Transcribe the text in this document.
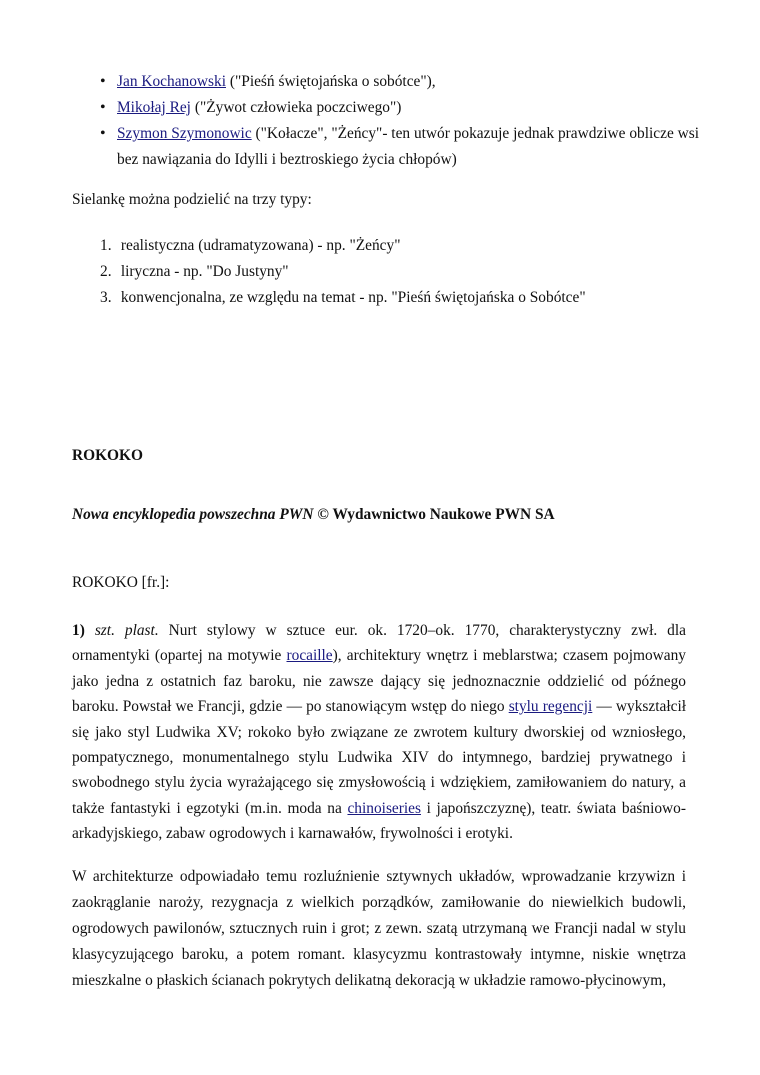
• Jan Kochanowski ("Pieśń świętojańska o sobótce"),
• Mikołaj Rej ("Żywot człowieka poczciwego")
• Szymon Szymonowic ("Kołacze", "Żeńcy"- ten utwór pokazuje jednak prawdziwe oblicze wsi bez nawiązania do Idylli i beztroskiego życia chłopów)

Sielankę można podzielić na trzy typy:

1. realistyczna (udramatyzowana) - np. "Żeńcy"
2. liryczna - np. "Do Justyny"
3. konwencjonalna, ze względu na temat - np. "Pieśń świętojańska o Sobótce"

ROKOKO

Nowa encyklopedia powszechna PWN © Wydawnictwo Naukowe PWN SA

ROKOKO [fr.]:

1) szt. plast. Nurt stylowy w sztuce eur. ok. 1720–ok. 1770, charakterystyczny zwł. dla ornamentyki (opartej na motywie rocaille), architektury wnętrz i meblarstwa; czasem pojmowany jako jedna z ostatnich faz baroku, nie zawsze dający się jednoznacznie oddzielić od późnego baroku. Powstał we Francji, gdzie — po stanowiącym wstęp do niego stylu regencji — wykształcił się jako styl Ludwika XV; rokoko było związane ze zwrotem kultury dworskiej od wzniosłego, pompatycznego, monumentalnego stylu Ludwika XIV do intymnego, bardziej prywatnego i swobodnego stylu życia wyrażającego się zmysłowością i wdziękiem, zamiłowaniem do natury, a także fantastyki i egzotyki (m.in. moda na chinoiseries i japońszczyznę), teatr. świata baśniowo-arkadyjskiego, zabaw ogrodowych i karnawałów, frywolności i erotyki.

W architekturze odpowiadało temu rozluźnienie sztywnych układów, wprowadzanie krzywizn i zaokrąglanie naroży, rezygnacja z wielkich porządków, zamiłowanie do niewielkich budowli, ogrodowych pawilonów, sztucznych ruin i grot; z zewn. szatą utrzymaną we Francji nadal w stylu klasycyzującego baroku, a potem romant. klasycyzmu kontrastowały intymne, niskie wnętrza mieszkalne o płaskich ścianach pokrytych delikatną dekoracją w układzie ramowo-płycinowym,
